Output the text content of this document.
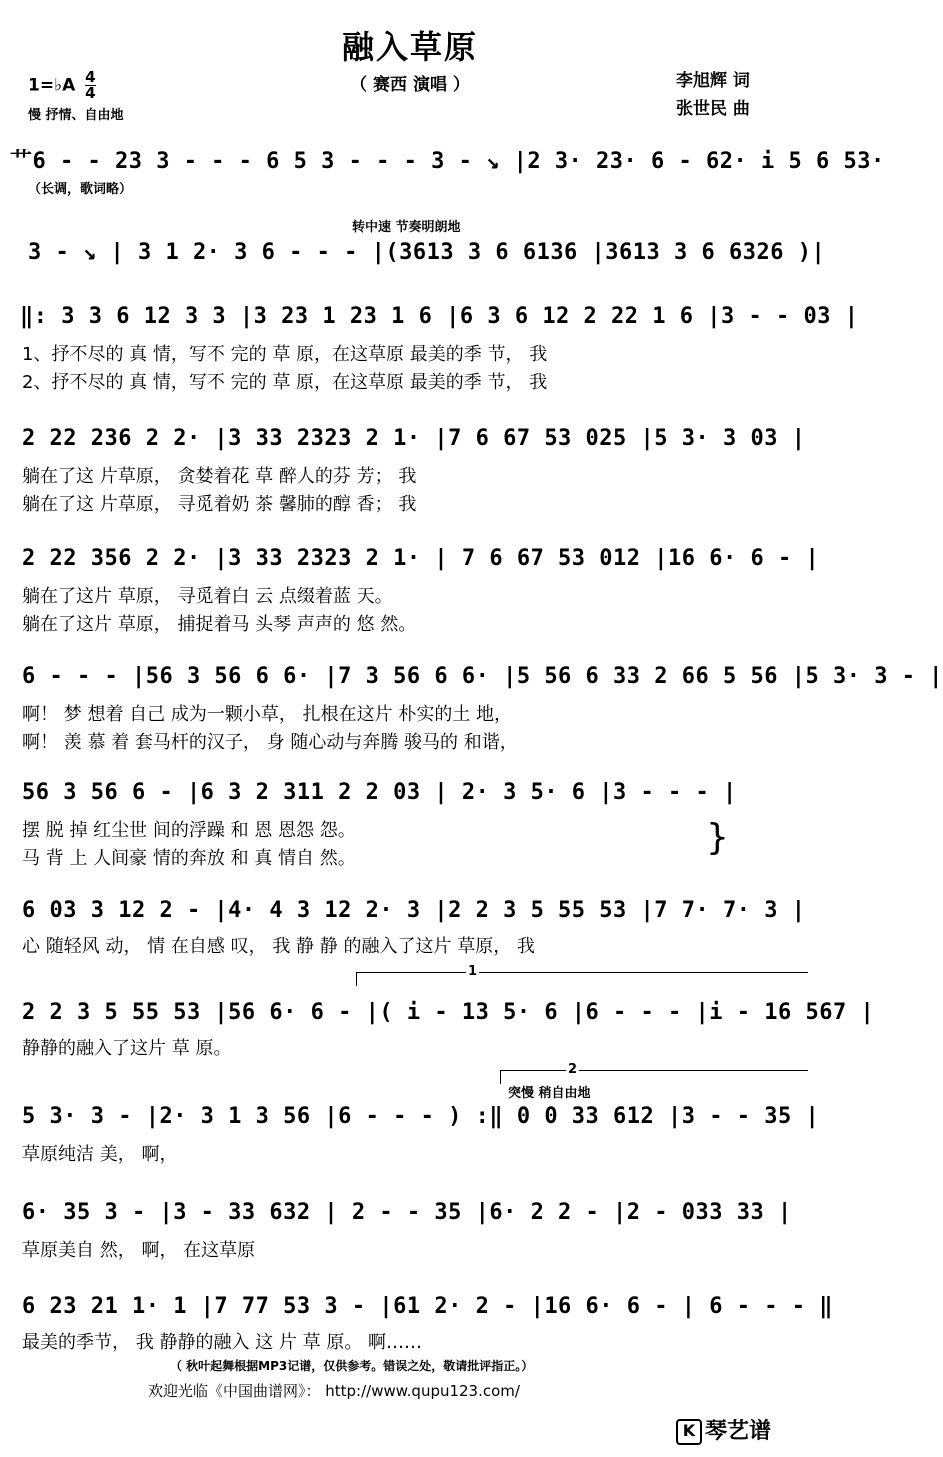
融入草原
（ 赛西 演唱 ）
1=♭A $\frac{4}{4}$
慢 抒情、自由地
李旭辉 词
张世民 曲
艹6 - - 23 3 - - - 6 5 3 - - - 3 - ↘ |2 3· 23· 6 - 62· i 5 6 53·
（长调，歌词略）
转中速 节奏明朗地
3 - ↘ | 3 1 2· 3 6 - - - |(3613 3 6 6136 |3613 3 6 6326 )|
‖: 3 3 6 12 3 3 |3 23 1 23 1 6 |6 3 6 12 2 22 1 6 |3 - - 03 |
1、抒不尽的 真 情，写不 完的 草 原，在这草原 最美的季 节， 我
2、抒不尽的 真 情，写不 完的 草 原，在这草原 最美的季 节， 我
2 22 236 2 2· |3 33 2323 2 1· |7 6 67 53 025 |5 3· 3 03 |
躺在了这 片草原， 贪婪着花 草 醉人的芬 芳； 我
躺在了这 片草原， 寻觅着奶 茶 馨肺的醇 香； 我
2 22 356 2 2· |3 33 2323 2 1· | 7 6 67 53 012 |16 6· 6 - |
躺在了这片 草原， 寻觅着白 云 点缀着蓝 天。
躺在了这片 草原， 捕捉着马 头琴 声声的 悠 然。
6 - - - |56 3 56 6 6· |7 3 56 6 6· |5 56 6 33 2 66 5 56 |5 3· 3 - |
啊！ 梦 想着 自己 成为一颗小草， 扎根在这片 朴实的土 地，
啊！ 羡 慕 着 套马杆的汉子， 身 随心动与奔腾 骏马的 和谐，
56 3 56 6 - |6 3 2 311 2 2 03 | 2· 3 5· 6 |3 - - - |
摆 脱 掉 红尘世 间的浮躁 和 恩 恩怨 怨。
马 背 上 人间豪 情的奔放 和 真 情自 然。
}
6 03 3 12 2 - |4· 4 3 12 2· 3 |2 2 3 5 55 53 |7 7· 7· 3 |
心 随轻风 动， 情 在自感 叹， 我 静 静 的融入了这片 草原， 我
1
2 2 3 5 55 53 |56 6· 6 - |( i - 13 5· 6 |6 - - - |i - 16 567 |
静静的融入了这片 草 原。
2
突慢 稍自由地
5 3· 3 - |2· 3 1 3 56 |6 - - - ) :‖ 0 0 33 612 |3 - - 35 |
草原纯洁 美， 啊，
6· 35 3 - |3 - 33 632 | 2 - - 35 |6· 2 2 - |2 - 033 33 |
草原美自 然， 啊， 在这草原
6 23 21 1· 1 |7 77 53 3 - |61 2· 2 - |16 6· 6 - | 6 - - - ‖
最美的季节， 我 静静的融入 这 片 草 原。 啊……
（ 秋叶起舞根据MP3记谱，仅供参考。错误之处，敬请批评指正。）
欢迎光临《中国曲谱网》： http://www.qupu123.com/
K 琴艺谱
